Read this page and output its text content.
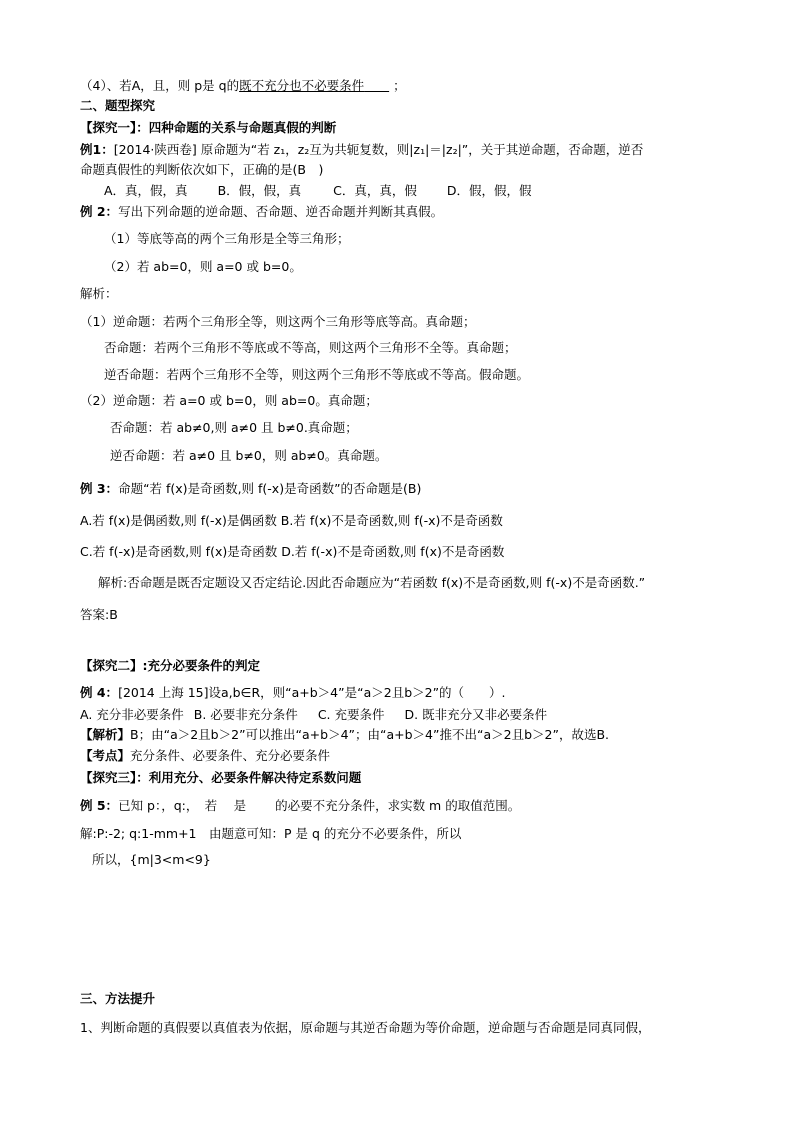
（4）、若A，且，则 p是 q的既不充分也不必要条件　　 ；
二、题型探究
【探究一】：四种命题的关系与命题真假的判断
例1：[2014·陕西卷] 原命题为“若 z₁，z₂互为共轭复数，则|z₁|＝|z₂|”，关于其逆命题，否命题，逆否
命题真假性的判断依次如下，正确的是(B　)
A．真，假，真 B．假，假，真	C．真，真，假 D．假，假，假
例 2：写出下列命题的逆命题、否命题、逆否命题并判断其真假。
（1）等底等高的两个三角形是全等三角形；
（2）若 ab=0，则 a=0 或 b=0。
解析：
（1）逆命题：若两个三角形全等，则这两个三角形等底等高。真命题；
否命题：若两个三角形不等底或不等高，则这两个三角形不全等。真命题；
逆否命题：若两个三角形不全等，则这两个三角形不等底或不等高。假命题。
（2）逆命题：若 a=0 或 b=0，则 ab=0。真命题；
否命题：若 ab≠0,则 a≠0 且 b≠0.真命题；
逆否命题：若 a≠0 且 b≠0，则 ab≠0。真命题。
例 3：命题“若 f(x)是奇函数,则 f(-x)是奇函数”的否命题是(B)
A.若 f(x)是偶函数,则 f(-x)是偶函数 B.若 f(x)不是奇函数,则 f(-x)不是奇函数
C.若 f(-x)是奇函数,则 f(x)是奇函数 D.若 f(-x)不是奇函数,则 f(x)不是奇函数
解析:否命题是既否定题设又否定结论.因此否命题应为“若函数 f(x)不是奇函数,则 f(-x)不是奇函数.”
答案:B
【探究二】:充分必要条件的判定
例 4：[2014 上海 15]设a,b∈R，则“a+b＞4”是“a＞2且b＞2”的（　　）.
A. 充分非必要条件 B. 必要非充分条件 C. 充要条件 D. 既非充分又非必要条件
【解析】B；由“a＞2且b＞2”可以推出“a+b＞4”；由“a+b＞4”推不出“a＞2且b＞2”，故选B.
【考点】充分条件、必要条件、充分必要条件
【探究三】：利用充分、必要条件解决待定系数问题
例 5：已知 p：，q:，　若　 是　　 的必要不充分条件，求实数 m 的取值范围。
解:P:-2; q:1-mm+1　由题意可知：P 是 q 的充分不必要条件，所以
所以，{m|3<m<9}
三、方法提升
1、判断命题的真假要以真值表为依据，原命题与其逆否命题为等价命题，逆命题与否命题是同真同假，
